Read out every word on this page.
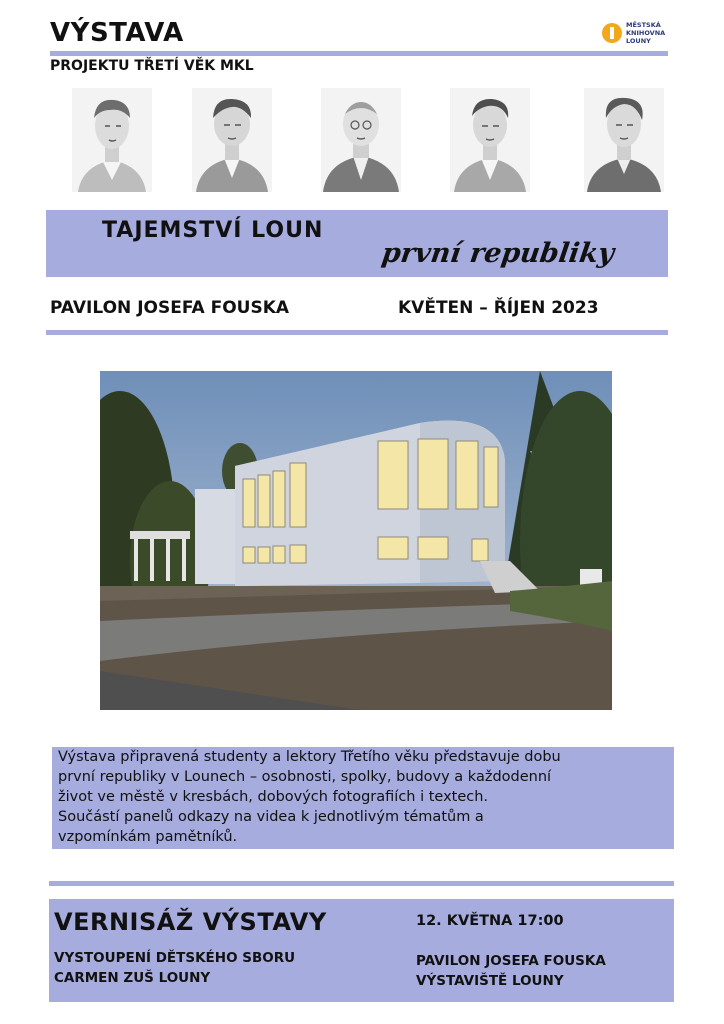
VÝSTAVA
PROJEKTU TŘETÍ VĚK MKL
MĚSTSKÁ
KNIHOVNA
LOUNY
TAJEMSTVÍ LOUN
první republiky
PAVILON JOSEFA FOUSKA	KVĚTEN – ŘÍJEN 2023
Výstava připravená studenty a lektory Třetího věku představuje dobu
první republiky v Lounech – osobnosti, spolky, budovy a každodenní
život ve městě v kresbách, dobových fotografiích i textech.
Součástí panelů odkazy na videa k jednotlivým tématům a
vzpomínkám pamětníků.
VERNISÁŽ VÝSTAVY
VYSTOUPENÍ DĚTSKÉHO SBORU
CARMEN ZUŠ LOUNY
12. KVĚTNA 17:00
PAVILON JOSEFA FOUSKA
VÝSTAVIŠTĚ LOUNY
